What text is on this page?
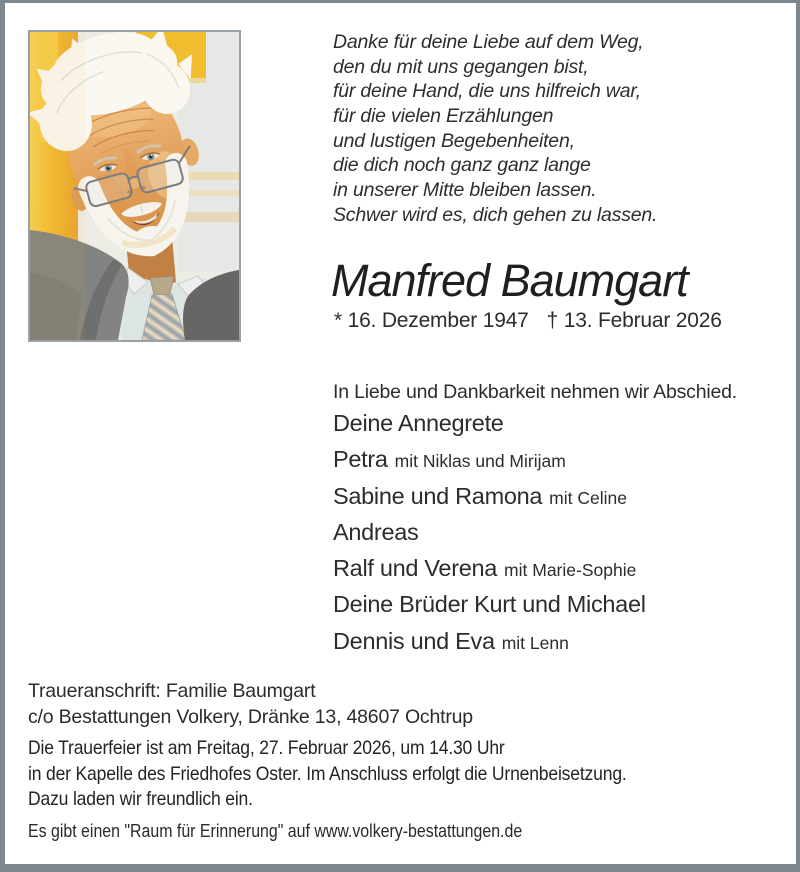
Danke für deine Liebe auf dem Weg,
den du mit uns gegangen bist,
für deine Hand, die uns hilfreich war,
für die vielen Erzählungen
und lustigen Begebenheiten,
die dich noch ganz ganz lange
in unserer Mitte bleiben lassen.
Schwer wird es, dich gehen zu lassen.
Manfred Baumgart
* 16. Dezember 1947 † 13. Februar 2026
In Liebe und Dankbarkeit nehmen wir Abschied.
Deine Annegrete
Petra mit Niklas und Mirijam
Sabine und Ramona mit Celine
Andreas
Ralf und Verena mit Marie-Sophie
Deine Brüder Kurt und Michael
Dennis und Eva mit Lenn
Traueranschrift: Familie Baumgart
c/o Bestattungen Volkery, Dränke 13, 48607 Ochtrup
Die Trauerfeier ist am Freitag, 27. Februar 2026, um 14.30 Uhr
in der Kapelle des Friedhofes Oster. Im Anschluss erfolgt die Urnenbeisetzung.
Dazu laden wir freundlich ein.
Es gibt einen "Raum für Erinnerung" auf www.volkery-bestattungen.de
